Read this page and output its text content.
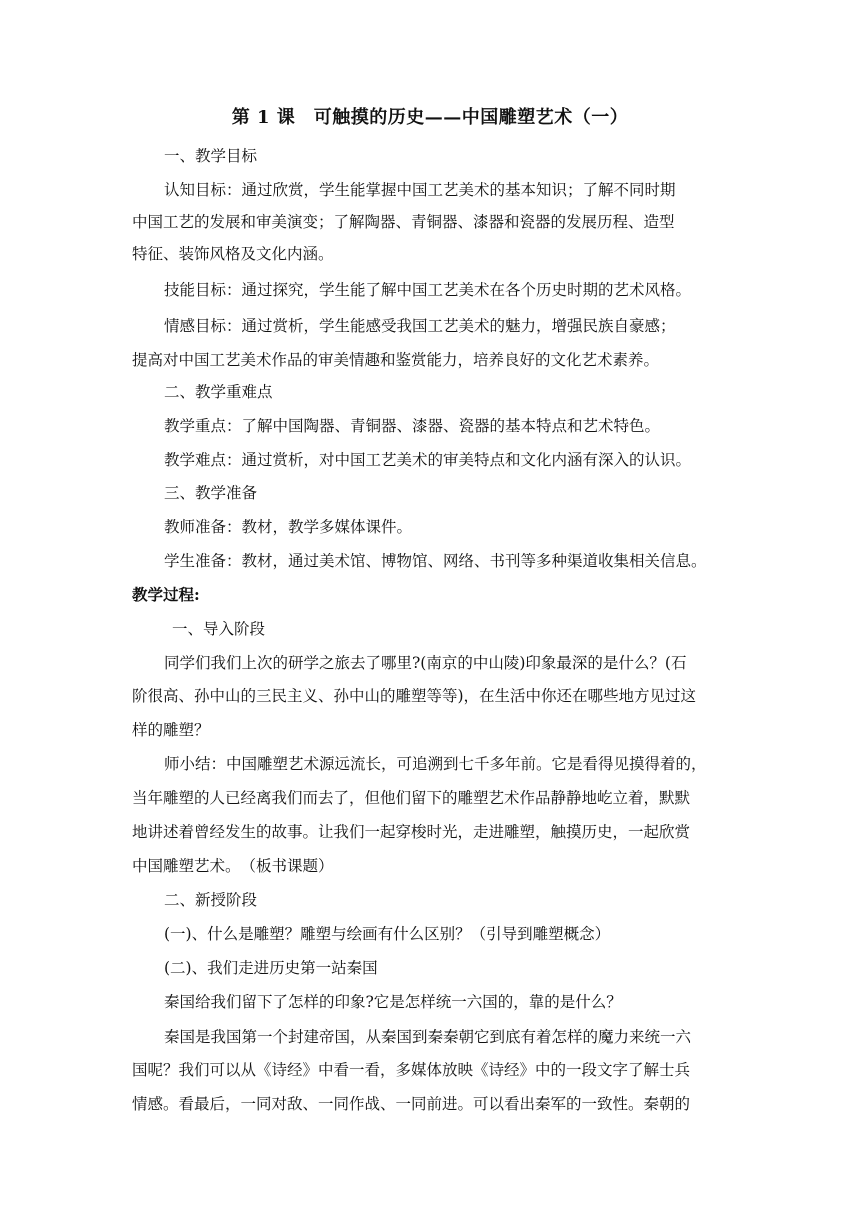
第 1 课　可触摸的历史——中国雕塑艺术（一）
一、教学目标
认知目标：通过欣赏，学生能掌握中国工艺美术的基本知识；了解不同时期
中国工艺的发展和审美演变；了解陶器、青铜器、漆器和瓷器的发展历程、造型
特征、装饰风格及文化内涵。
技能目标：通过探究，学生能了解中国工艺美术在各个历史时期的艺术风格。
情感目标：通过赏析，学生能感受我国工艺美术的魅力，增强民族自豪感；
提高对中国工艺美术作品的审美情趣和鉴赏能力，培养良好的文化艺术素养。
二、教学重难点
教学重点：了解中国陶器、青铜器、漆器、瓷器的基本特点和艺术特色。
教学难点：通过赏析，对中国工艺美术的审美特点和文化内涵有深入的认识。
三、教学准备
教师准备：教材，教学多媒体课件。
学生准备：教材，通过美术馆、博物馆、网络、书刊等多种渠道收集相关信息。
教学过程:
一、导入阶段
同学们我们上次的研学之旅去了哪里?(南京的中山陵)印象最深的是什么？(石
阶很高、孙中山的三民主义、孙中山的雕塑等等)，在生活中你还在哪些地方见过这
样的雕塑？
师小结：中国雕塑艺术源远流长，可追溯到七千多年前。它是看得见摸得着的，
当年雕塑的人已经离我们而去了，但他们留下的雕塑艺术作品静静地屹立着，默默
地讲述着曾经发生的故事。让我们一起穿梭时光，走进雕塑，触摸历史，一起欣赏
中国雕塑艺术。　（板书课题）
二、新授阶段
(一)、什么是雕塑？雕塑与绘画有什么区别？（引导到雕塑概念）
(二)、我们走进历史第一站秦国
秦国给我们留下了怎样的印象?它是怎样统一六国的，靠的是什么？
秦国是我国第一个封建帝国，从秦国到秦秦朝它到底有着怎样的魔力来统一六
国呢？我们可以从《诗经》中看一看，多媒体放映《诗经》中的一段文字了解士兵
情感。看最后，一同对敌、一同作战、一同前进。可以看出秦军的一致性。秦朝的
